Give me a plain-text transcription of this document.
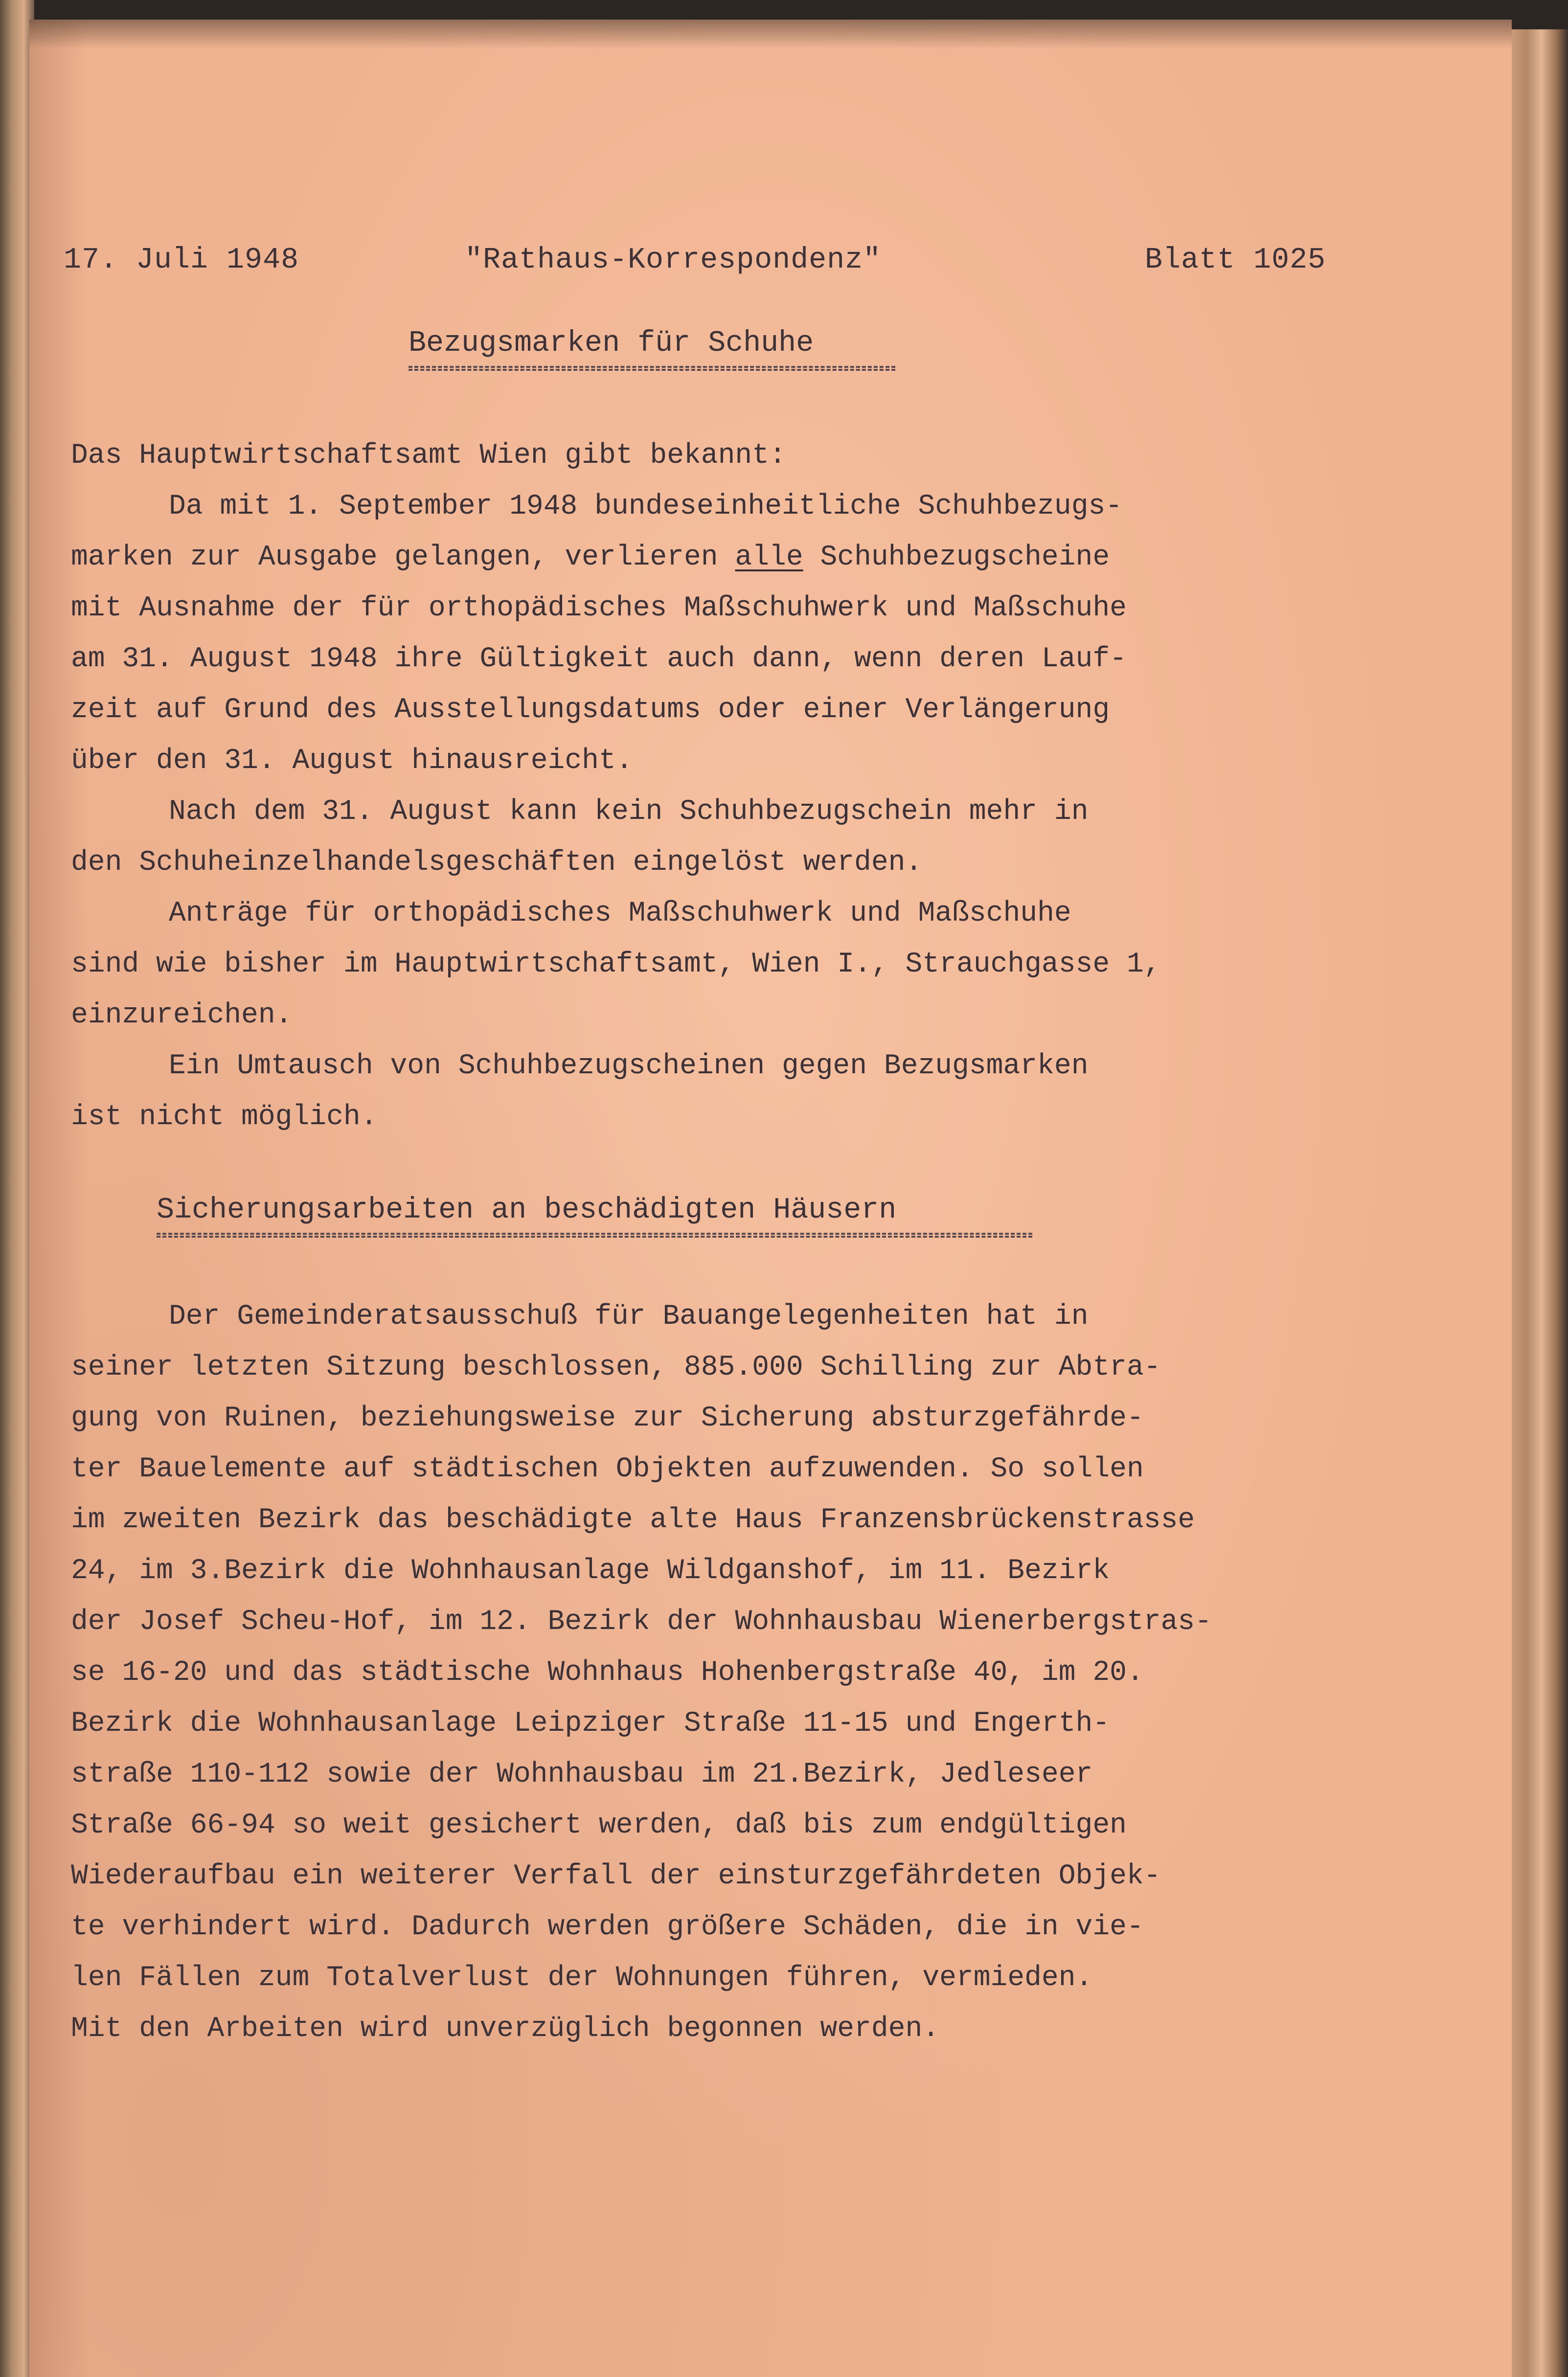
17. Juli 1948	"Rathaus-Korrespondenz"	Blatt 1025
Bezugsmarken für Schuhe
Das Hauptwirtschaftsamt Wien gibt bekannt:
Da mit 1. September 1948 bundeseinheitliche Schuhbezugs-
marken zur Ausgabe gelangen, verlieren alle Schuhbezugscheine
mit Ausnahme der für orthopädisches Maßschuhwerk und Maßschuhe
am 31. August 1948 ihre Gültigkeit auch dann, wenn deren Lauf-
zeit auf Grund des Ausstellungsdatums oder einer Verlängerung
über den 31. August hinausreicht.
Nach dem 31. August kann kein Schuhbezugschein mehr in
den Schuheinzelhandelsgeschäften eingelöst werden.
Anträge für orthopädisches Maßschuhwerk und Maßschuhe
sind wie bisher im Hauptwirtschaftsamt, Wien I., Strauchgasse 1,
einzureichen.
Ein Umtausch von Schuhbezugscheinen gegen Bezugsmarken
ist nicht möglich.
Sicherungsarbeiten an beschädigten Häusern
Der Gemeinderatsausschuß für Bauangelegenheiten hat in
seiner letzten Sitzung beschlossen, 885.000 Schilling zur Abtra-
gung von Ruinen, beziehungsweise zur Sicherung absturzgefährde-
ter Bauelemente auf städtischen Objekten aufzuwenden. So sollen
im zweiten Bezirk das beschädigte alte Haus Franzensbrückenstrasse
24, im 3.Bezirk die Wohnhausanlage Wildganshof, im 11. Bezirk
der Josef Scheu-Hof, im 12. Bezirk der Wohnhausbau Wienerbergstras-
se 16-20 und das städtische Wohnhaus Hohenbergstraße 40, im 20.
Bezirk die Wohnhausanlage Leipziger Straße 11-15 und Engerth-
straße 110-112 sowie der Wohnhausbau im 21.Bezirk, Jedleseer
Straße 66-94 so weit gesichert werden, daß bis zum endgültigen
Wiederaufbau ein weiterer Verfall der einsturzgefährdeten Objek-
te verhindert wird. Dadurch werden größere Schäden, die in vie-
len Fällen zum Totalverlust der Wohnungen führen, vermieden.
Mit den Arbeiten wird unverzüglich begonnen werden.
